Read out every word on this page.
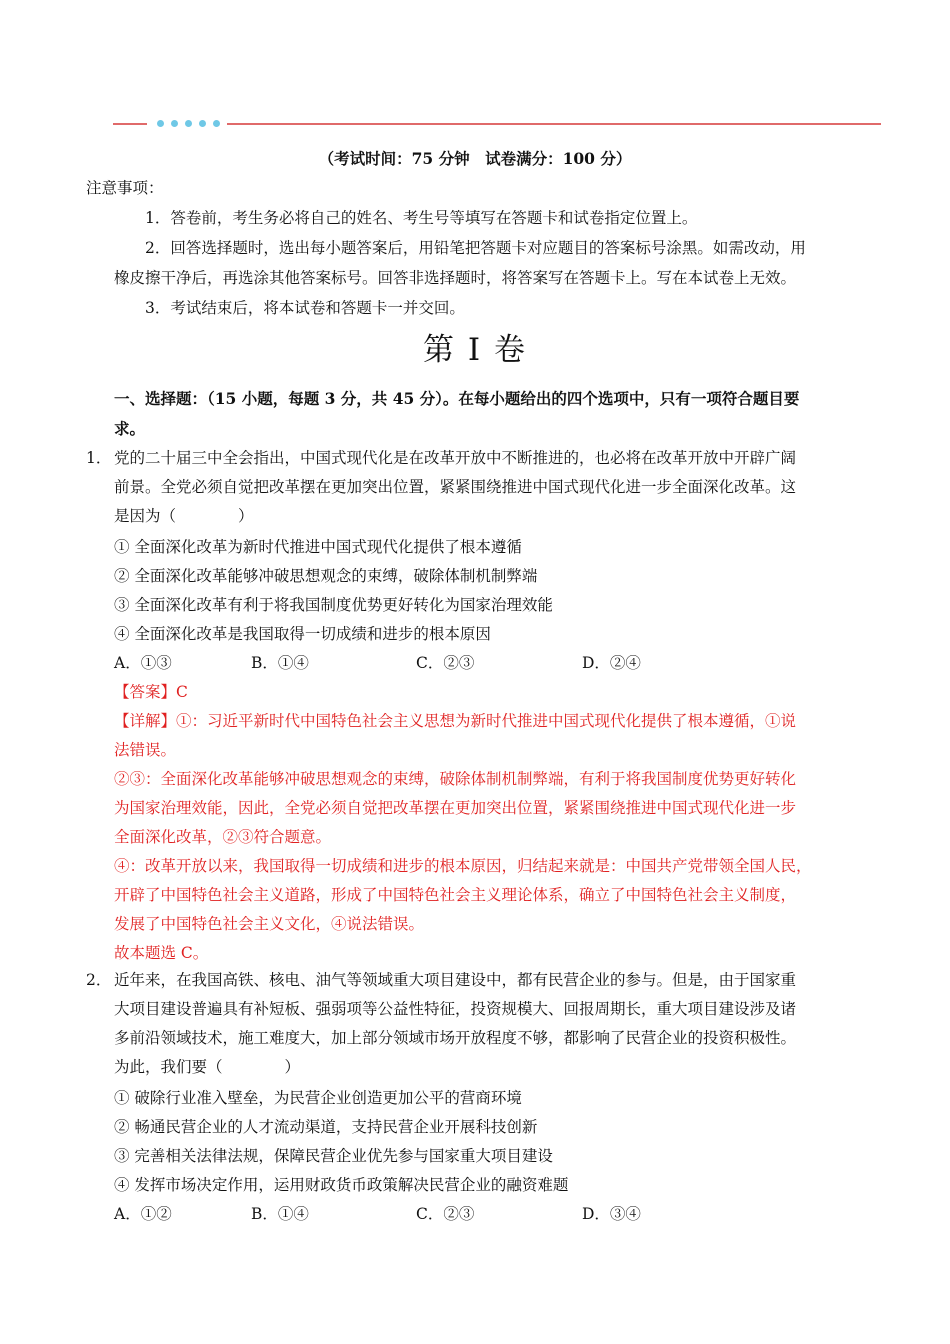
（考试时间：75 分钟　试卷满分：100 分）
注意事项：
1．答卷前，考生务必将自己的姓名、考生号等填写在答题卡和试卷指定位置上。
2．回答选择题时，选出每小题答案后，用铅笔把答题卡对应题目的答案标号涂黑。如需改动，用
橡皮擦干净后，再选涂其他答案标号。回答非选择题时，将答案写在答题卡上。写在本试卷上无效。
3．考试结束后，将本试卷和答题卡一并交回。
第 I 卷
一、选择题：（15 小题，每题 3 分，共 45 分）。在每小题给出的四个选项中，只有一项符合题目要
求。
1． 党的二十届三中全会指出，中国式现代化是在改革开放中不断推进的，也必将在改革开放中开辟广阔
前景。全党必须自觉把改革摆在更加突出位置，紧紧围绕推进中国式现代化进一步全面深化改革。这
是因为（　　　　）
① 全面深化改革为新时代推进中国式现代化提供了根本遵循
② 全面深化改革能够冲破思想观念的束缚，破除体制机制弊端
③ 全面深化改革有利于将我国制度优势更好转化为国家治理效能
④ 全面深化改革是我国取得一切成绩和进步的根本原因
A．①③	B．①④	C．②③	D．②④
【答案】C
【详解】①：习近平新时代中国特色社会主义思想为新时代推进中国式现代化提供了根本遵循，①说
法错误。
②③：全面深化改革能够冲破思想观念的束缚，破除体制机制弊端，有利于将我国制度优势更好转化
为国家治理效能，因此，全党必须自觉把改革摆在更加突出位置，紧紧围绕推进中国式现代化进一步
全面深化改革，②③符合题意。
④：改革开放以来，我国取得一切成绩和进步的根本原因，归结起来就是：中国共产党带领全国人民，
开辟了中国特色社会主义道路，形成了中国特色社会主义理论体系，确立了中国特色社会主义制度，
发展了中国特色社会主义文化，④说法错误。
故本题选 C。
2． 近年来，在我国高铁、核电、油气等领域重大项目建设中，都有民营企业的参与。但是，由于国家重
大项目建设普遍具有补短板、强弱项等公益性特征，投资规模大、回报周期长，重大项目建设涉及诸
多前沿领域技术，施工难度大，加上部分领域市场开放程度不够，都影响了民营企业的投资积极性。
为此，我们要（　　　　）
① 破除行业准入壁垒，为民营企业创造更加公平的营商环境
② 畅通民营企业的人才流动渠道，支持民营企业开展科技创新
③ 完善相关法律法规，保障民营企业优先参与国家重大项目建设
④ 发挥市场决定作用，运用财政货币政策解决民营企业的融资难题
A．①②	B．①④	C．②③	D．③④
